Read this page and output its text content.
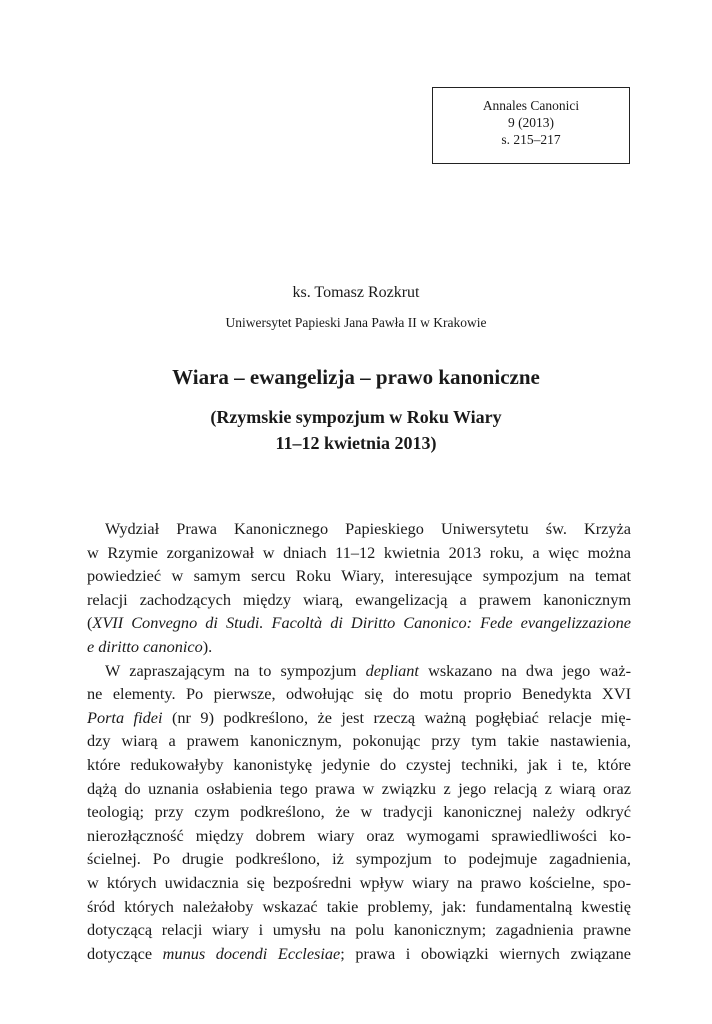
Annales Canonici
9 (2013)
s. 215–217
ks. Tomasz Rozkrut
Uniwersytet Papieski Jana Pawła II w Krakowie
Wiara – ewangelizja – prawo kanoniczne
(Rzymskie sympozjum w Roku Wiary
11–12 kwietnia 2013)
Wydział Prawa Kanonicznego Papieskiego Uniwersytetu św. Krzyża
w Rzymie zorganizował w dniach 11–12 kwietnia 2013 roku, a więc można
powiedzieć w samym sercu Roku Wiary, interesujące sympozjum na temat
relacji zachodzących między wiarą, ewangelizacją a prawem kanonicznym
(XVII Convegno di Studi. Facoltà di Diritto Canonico: Fede evangelizzazione
e diritto canonico).
W zapraszającym na to sympozjum depliant wskazano na dwa jego waż-
ne elementy. Po pierwsze, odwołując się do motu proprio Benedykta XVI
Porta fidei (nr 9) podkreślono, że jest rzeczą ważną pogłębiać relacje mię-
dzy wiarą a prawem kanonicznym, pokonując przy tym takie nastawienia,
które redukowałyby kanonistykę jedynie do czystej techniki, jak i te, które
dążą do uznania osłabienia tego prawa w związku z jego relacją z wiarą oraz
teologią; przy czym podkreślono, że w tradycji kanonicznej należy odkryć
nierozłączność między dobrem wiary oraz wymogami sprawiedliwości ko-
ścielnej. Po drugie podkreślono, iż sympozjum to podejmuje zagadnienia,
w których uwidacznia się bezpośredni wpływ wiary na prawo kościelne, spo-
śród których należałoby wskazać takie problemy, jak: fundamentalną kwestię
dotyczącą relacji wiary i umysłu na polu kanonicznym; zagadnienia prawne
dotyczące munus docendi Ecclesiae; prawa i obowiązki wiernych związane
